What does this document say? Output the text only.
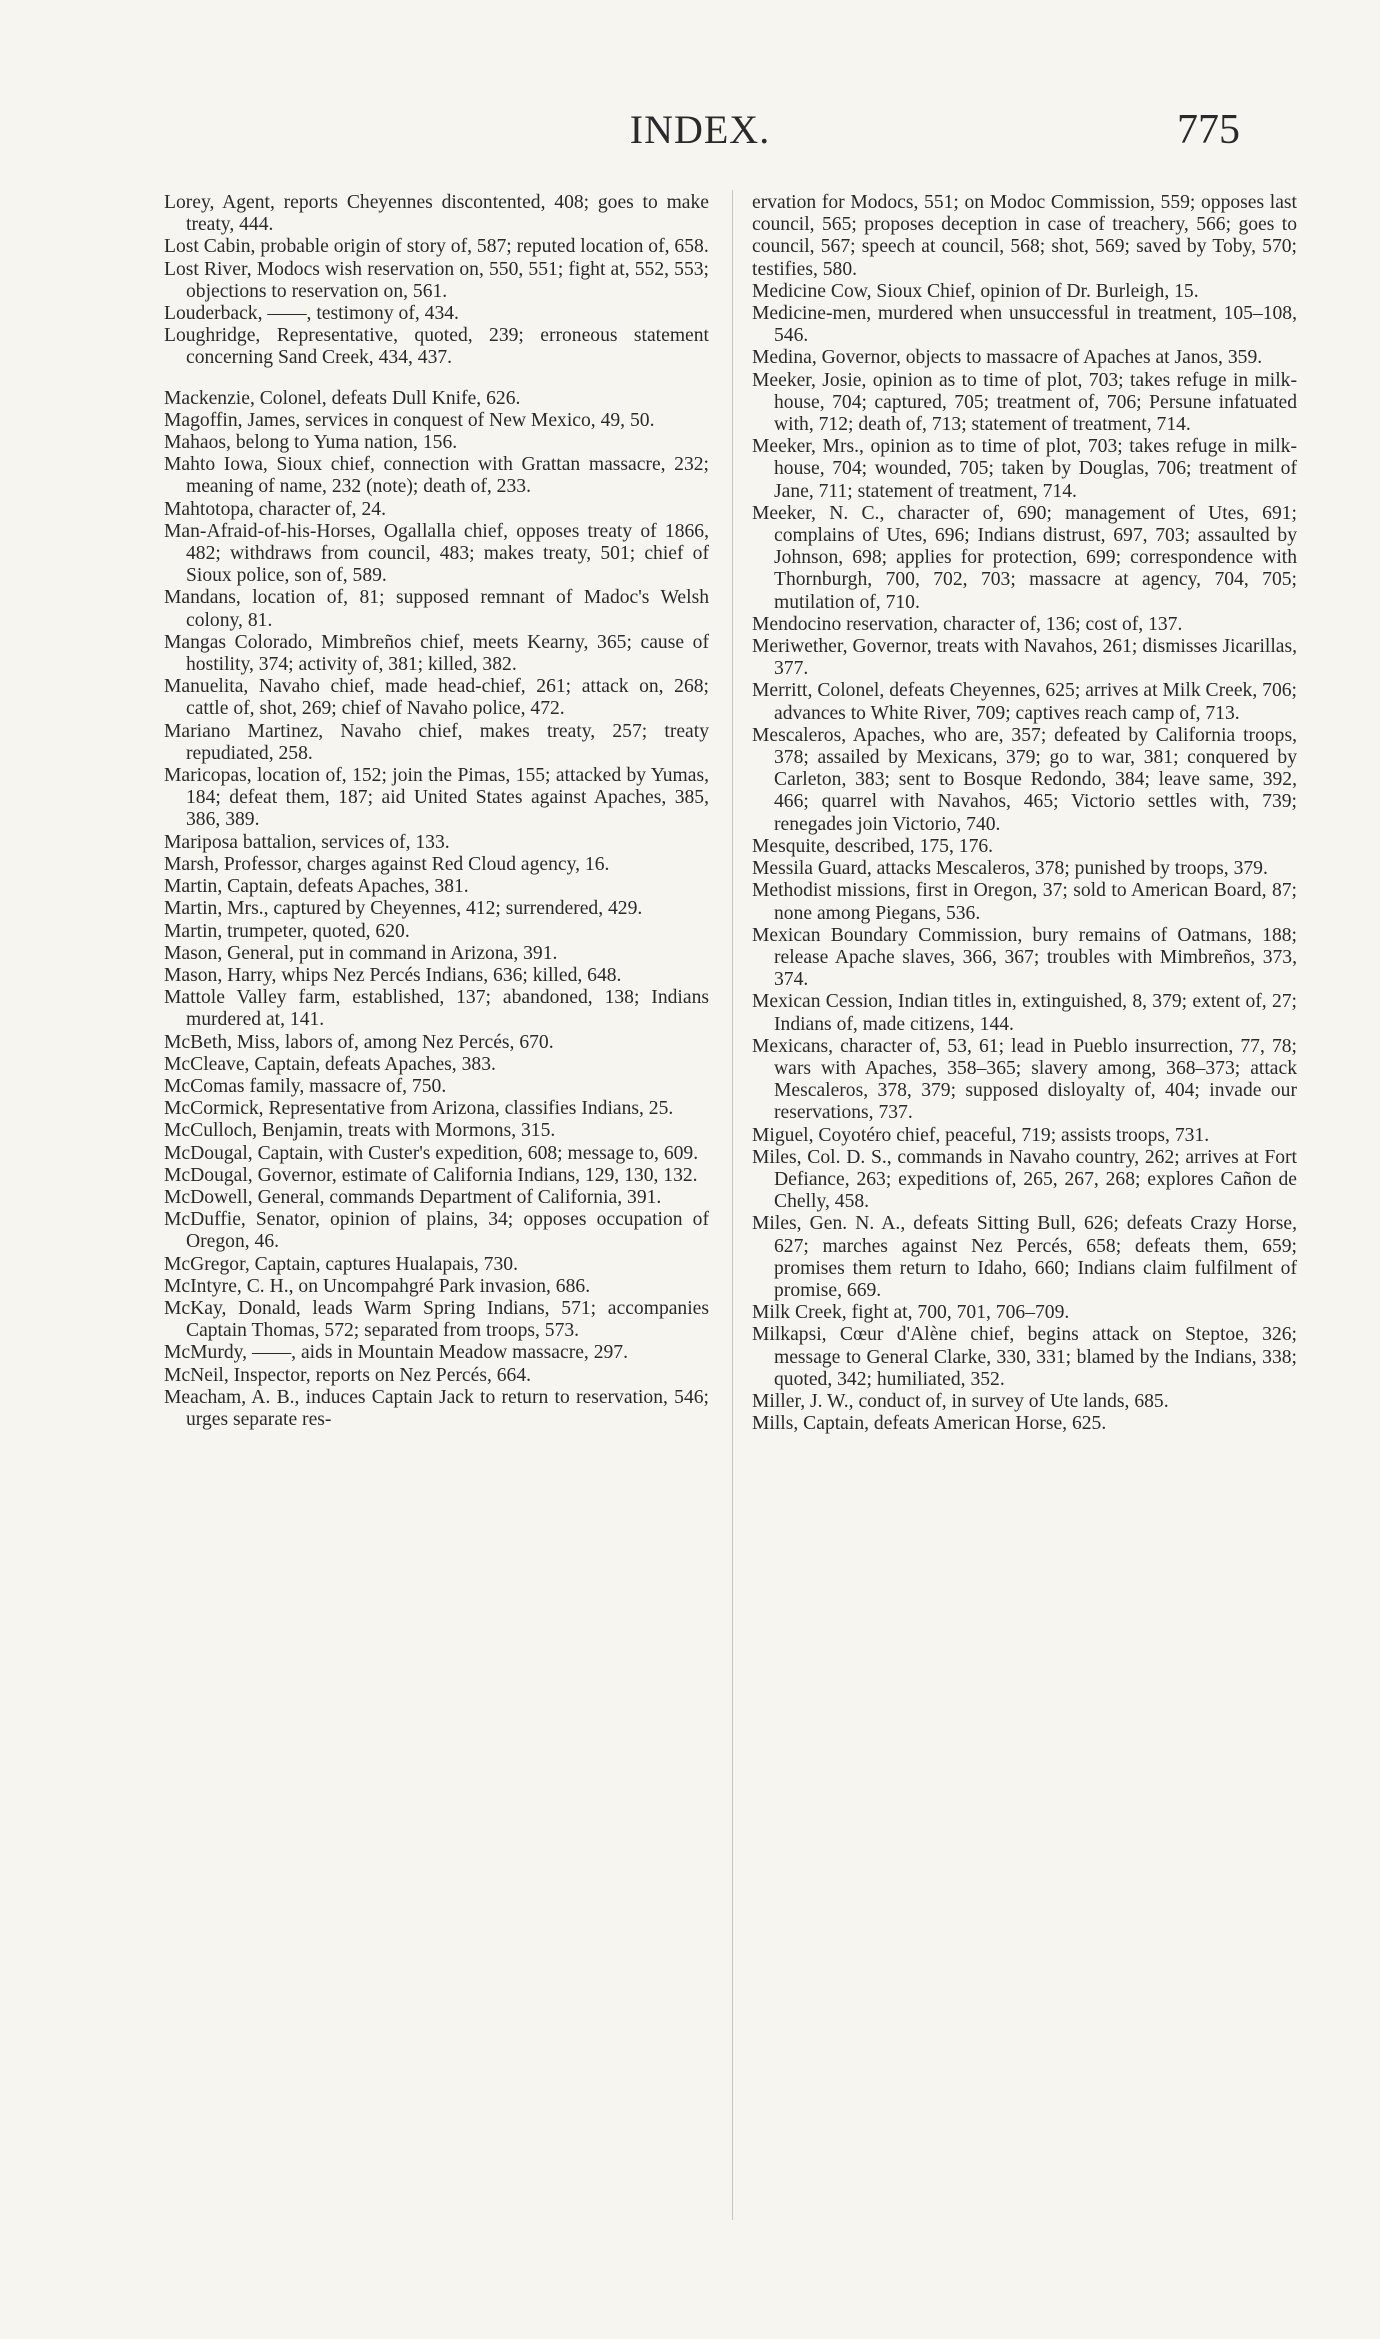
INDEX.	775

Lorey, Agent, reports Cheyennes discontented, 408; goes to make treaty, 444.

Lost Cabin, probable origin of story of, 587; reputed location of, 658.

Lost River, Modocs wish reservation on, 550, 551; fight at, 552, 553; objections to reservation on, 561.

Louderback, ——, testimony of, 434.

Loughridge, Representative, quoted, 239; erroneous statement concerning Sand Creek, 434, 437.

Mackenzie, Colonel, defeats Dull Knife, 626.

Magoffin, James, services in conquest of New Mexico, 49, 50.

Mahaos, belong to Yuma nation, 156.

Mahto Iowa, Sioux chief, connection with Grattan massacre, 232; meaning of name, 232 (note); death of, 233.

Mahtotopa, character of, 24.

Man-Afraid-of-his-Horses, Ogallalla chief, opposes treaty of 1866, 482; withdraws from council, 483; makes treaty, 501; chief of Sioux police, son of, 589.

Mandans, location of, 81; supposed remnant of Madoc's Welsh colony, 81.

Mangas Colorado, Mimbreños chief, meets Kearny, 365; cause of hostility, 374; activity of, 381; killed, 382.

Manuelita, Navaho chief, made head-chief, 261; attack on, 268; cattle of, shot, 269; chief of Navaho police, 472.

Mariano Martinez, Navaho chief, makes treaty, 257; treaty repudiated, 258.

Maricopas, location of, 152; join the Pimas, 155; attacked by Yumas, 184; defeat them, 187; aid United States against Apaches, 385, 386, 389.

Mariposa battalion, services of, 133.

Marsh, Professor, charges against Red Cloud agency, 16.

Martin, Captain, defeats Apaches, 381.

Martin, Mrs., captured by Cheyennes, 412; surrendered, 429.

Martin, trumpeter, quoted, 620.

Mason, General, put in command in Arizona, 391.

Mason, Harry, whips Nez Percés Indians, 636; killed, 648.

Mattole Valley farm, established, 137; abandoned, 138; Indians murdered at, 141.

McBeth, Miss, labors of, among Nez Percés, 670.

McCleave, Captain, defeats Apaches, 383.

McComas family, massacre of, 750.

McCormick, Representative from Arizona, classifies Indians, 25.

McCulloch, Benjamin, treats with Mormons, 315.

McDougal, Captain, with Custer's expedition, 608; message to, 609.

McDougal, Governor, estimate of California Indians, 129, 130, 132.

McDowell, General, commands Department of California, 391.

McDuffie, Senator, opinion of plains, 34; opposes occupation of Oregon, 46.

McGregor, Captain, captures Hualapais, 730.

McIntyre, C. H., on Uncompahgré Park invasion, 686.

McKay, Donald, leads Warm Spring Indians, 571; accompanies Captain Thomas, 572; separated from troops, 573.

McMurdy, ——, aids in Mountain Meadow massacre, 297.

McNeil, Inspector, reports on Nez Percés, 664.

Meacham, A. B., induces Captain Jack to return to reservation, 546; urges separate res-

ervation for Modocs, 551; on Modoc Commission, 559; opposes last council, 565; proposes deception in case of treachery, 566; goes to council, 567; speech at council, 568; shot, 569; saved by Toby, 570; testifies, 580.

Medicine Cow, Sioux Chief, opinion of Dr. Burleigh, 15.

Medicine-men, murdered when unsuccessful in treatment, 105–108, 546.

Medina, Governor, objects to massacre of Apaches at Janos, 359.

Meeker, Josie, opinion as to time of plot, 703; takes refuge in milk-house, 704; captured, 705; treatment of, 706; Persune infatuated with, 712; death of, 713; statement of treatment, 714.

Meeker, Mrs., opinion as to time of plot, 703; takes refuge in milk-house, 704; wounded, 705; taken by Douglas, 706; treatment of Jane, 711; statement of treatment, 714.

Meeker, N. C., character of, 690; management of Utes, 691; complains of Utes, 696; Indians distrust, 697, 703; assaulted by Johnson, 698; applies for protection, 699; correspondence with Thornburgh, 700, 702, 703; massacre at agency, 704, 705; mutilation of, 710.

Mendocino reservation, character of, 136; cost of, 137.

Meriwether, Governor, treats with Navahos, 261; dismisses Jicarillas, 377.

Merritt, Colonel, defeats Cheyennes, 625; arrives at Milk Creek, 706; advances to White River, 709; captives reach camp of, 713.

Mescaleros, Apaches, who are, 357; defeated by California troops, 378; assailed by Mexicans, 379; go to war, 381; conquered by Carleton, 383; sent to Bosque Redondo, 384; leave same, 392, 466; quarrel with Navahos, 465; Victorio settles with, 739; renegades join Victorio, 740.

Mesquite, described, 175, 176.

Messila Guard, attacks Mescaleros, 378; punished by troops, 379.

Methodist missions, first in Oregon, 37; sold to American Board, 87; none among Piegans, 536.

Mexican Boundary Commission, bury remains of Oatmans, 188; release Apache slaves, 366, 367; troubles with Mimbreños, 373, 374.

Mexican Cession, Indian titles in, extinguished, 8, 379; extent of, 27; Indians of, made citizens, 144.

Mexicans, character of, 53, 61; lead in Pueblo insurrection, 77, 78; wars with Apaches, 358–365; slavery among, 368–373; attack Mescaleros, 378, 379; supposed disloyalty of, 404; invade our reservations, 737.

Miguel, Coyotéro chief, peaceful, 719; assists troops, 731.

Miles, Col. D. S., commands in Navaho country, 262; arrives at Fort Defiance, 263; expeditions of, 265, 267, 268; explores Cañon de Chelly, 458.

Miles, Gen. N. A., defeats Sitting Bull, 626; defeats Crazy Horse, 627; marches against Nez Percés, 658; defeats them, 659; promises them return to Idaho, 660; Indians claim fulfilment of promise, 669.

Milk Creek, fight at, 700, 701, 706–709.

Milkapsi, Cœur d'Alène chief, begins attack on Steptoe, 326; message to General Clarke, 330, 331; blamed by the Indians, 338; quoted, 342; humiliated, 352.

Miller, J. W., conduct of, in survey of Ute lands, 685.

Mills, Captain, defeats American Horse, 625.
